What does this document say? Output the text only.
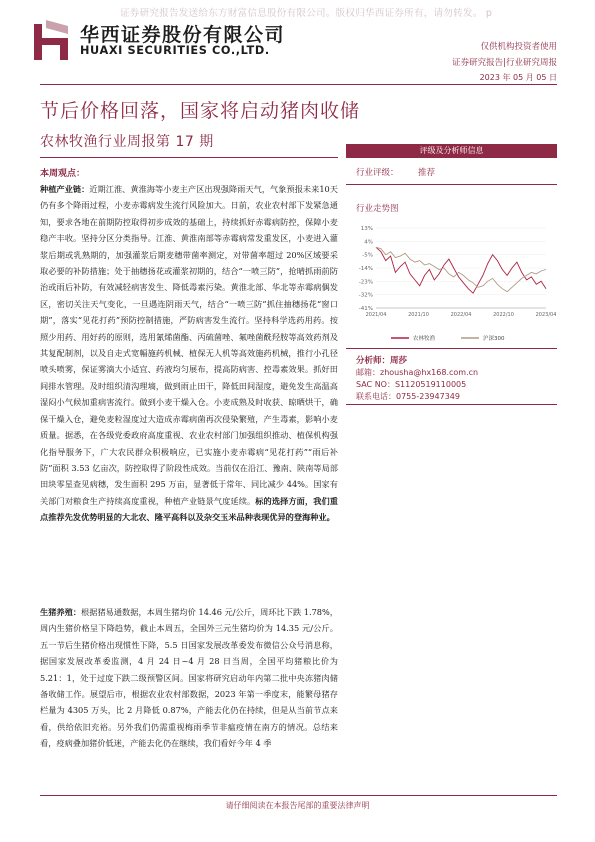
证券研究报告发送给东方财富信息股份有限公司。版权归华西证券所有，请勿转发。 p
华西证券股份有限公司
HUAXI SECURITIES CO.,LTD.	仅供机构投资者使用
证券研究报告|行业研究周报
2023 年 05 月 05 日
节后价格回落，国家将启动猪肉收储
农林牧渔行业周报第 17 期
本周观点：
种植产业链：近期江淮、黄淮海等小麦主产区出现强降雨天气，气象预报未来10天仍有多个降雨过程，小麦赤霉病发生流行风险加大。日前，农业农村部下发紧急通知，要求各地在前期防控取得初步成效的基础上，持续抓好赤霉病防控，保障小麦稳产丰收。坚持分区分类指导。江淮、黄淮南部等赤霉病常发重发区，小麦进入灌浆后期或乳熟期的，加强灌浆后期麦穗带菌率测定，对带菌率超过 20%区域要采取必要的补防措施；处于抽穗扬花或灌浆初期的，结合“一喷三防”，抢晴抓雨前防治或雨后补防，有效减轻病害发生、降低毒素污染。黄淮北部、华北等赤霉病偶发区，密切关注天气变化，一旦遇连阴雨天气，结合“一喷三防”抓住抽穗扬花“窗口期”，落实“见花打药”预防控制措施，严防病害发生流行。坚持科学选药用药。按照少用药、用好药的原则，选用氰烯菌酯、丙硫菌唑、氟唑菌酰羟胺等高效药剂及其复配制剂，以及自走式宽幅施药机械、植保无人机等高效施药机械，推行小孔径喷头喷雾，保证雾滴大小适宜、药液均匀展布，提高防病害、控毒素效果。抓好田间排水管理。及时组织清沟理墒，做到雨止田干，降低田间湿度，避免发生高温高湿闷小气候加重病害流行。做到小麦干燥入仓。小麦成熟及时收获、晾晒烘干，确保干燥入仓，避免麦粒湿度过大造成赤霉病菌再次侵染繁殖，产生毒素，影响小麦质量。据悉，在各级党委政府高度重视、农业农村部门加强组织推动、植保机构强化指导服务下，广大农民群众积极响应，已实施小麦赤霉病“见花打药”“雨后补防”面积 3.53 亿亩次，防控取得了阶段性成效。当前仅在沿江、豫南、陕南等局部田块零星查见病穗，发生面积 295 万亩，显著低于常年、同比减少 44%。国家有关部门对粮食生产持续高度重视，种植产业链景气度延续。标的选择方面，我们重点推荐先发优势明显的大北农、隆平高科以及杂交玉米品种表现优异的登海种业。
生猪养殖：根据猪易通数据，本周生猪均价 14.46 元/公斤，周环比下跌 1.78%，周内生猪价格呈下降趋势，截止本周五，全国外三元生猪均价为 14.35 元/公斤。五一节后生猪价格出现惯性下降，5.5 日国家发展改革委发布微信公众号消息称，据国家发展改革委监测，4 月 24 日~4 月 28 日当周，全国平均猪粮比价为 5.21：1，处于过度下跌二级预警区间。国家将研究启动年内第二批中央冻猪肉储备收储工作。展望后市，根据农业农村部数据，2023 年第一季度末，能繁母猪存栏量为 4305 万头，比 2 月降低 0.87%，产能去化仍在持续，但是从当前节点来看，供给依旧充裕。另外我们仍需重视梅雨季节非瘟疫情在南方的情况。总结来看，疫病叠加猪价低迷，产能去化仍在继续，我们看好今年 4 季
评级及分析师信息
行业评级： 推荐
行业走势图
13%
4%
-5%
-14%
-23%
-32%
-41%
2021/04	2021/10	2022/04	2022/10	2023/04
农林牧渔	沪深300
分析师：周莎
邮箱：zhousha@hx168.com.cn
SAC NO：S1120519110005
联系电话：0755-23947349
请仔细阅读在本报告尾部的重要法律声明
